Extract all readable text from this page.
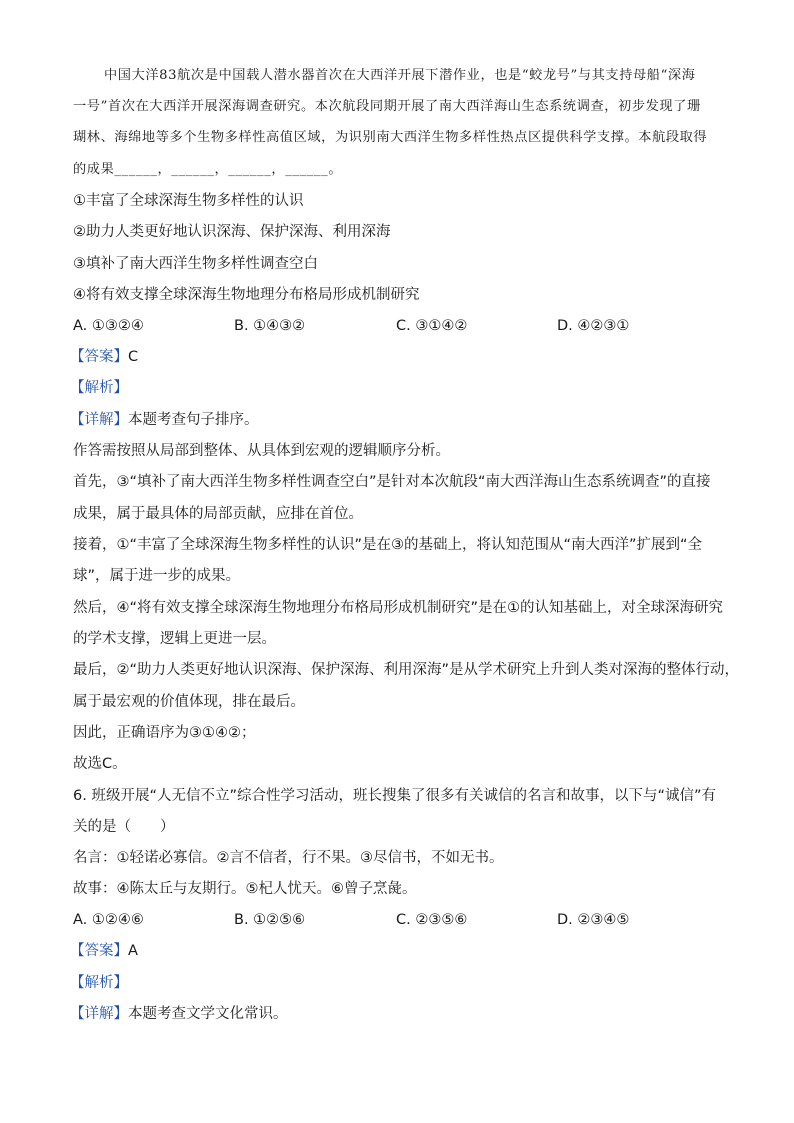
中国大洋83航次是中国载人潜水器首次在大西洋开展下潜作业，也是“蛟龙号”与其支持母船“深海
一号”首次在大西洋开展深海调查研究。本次航段同期开展了南大西洋海山生态系统调查，初步发现了珊
瑚林、海绵地等多个生物多样性高值区域，为识别南大西洋生物多样性热点区提供科学支撑。本航段取得
的成果______，______，______，______。
①丰富了全球深海生物多样性的认识
②助力人类更好地认识深海、保护深海、利用深海
③填补了南大西洋生物多样性调查空白
④将有效支撑全球深海生物地理分布格局形成机制研究
A. ①③②④	B. ①④③②	C. ③①④②	D. ④②③①
【答案】C
【解析】
【详解】本题考查句子排序。
作答需按照从局部到整体、从具体到宏观的逻辑顺序分析。
首先，③“填补了南大西洋生物多样性调查空白”是针对本次航段“南大西洋海山生态系统调查”的直接
成果，属于最具体的局部贡献，应排在首位。
接着，①“丰富了全球深海生物多样性的认识”是在③的基础上，将认知范围从“南大西洋”扩展到“全
球”，属于进一步的成果。
然后，④“将有效支撑全球深海生物地理分布格局形成机制研究”是在①的认知基础上，对全球深海研究
的学术支撑，逻辑上更进一层。
最后，②“助力人类更好地认识深海、保护深海、利用深海”是从学术研究上升到人类对深海的整体行动，
属于最宏观的价值体现，排在最后。
因此，正确语序为③①④②；
故选C。
6. 班级开展“人无信不立”综合性学习活动，班长搜集了很多有关诚信的名言和故事，以下与“诚信”有
关的是（　　）
名言：①轻诺必寡信。②言不信者，行不果。③尽信书，不如无书。
故事：④陈太丘与友期行。⑤杞人忧天。⑥曾子烹彘。
A. ①②④⑥	B. ①②⑤⑥	C. ②③⑤⑥	D. ②③④⑤
【答案】A
【解析】
【详解】本题考查文学文化常识。
